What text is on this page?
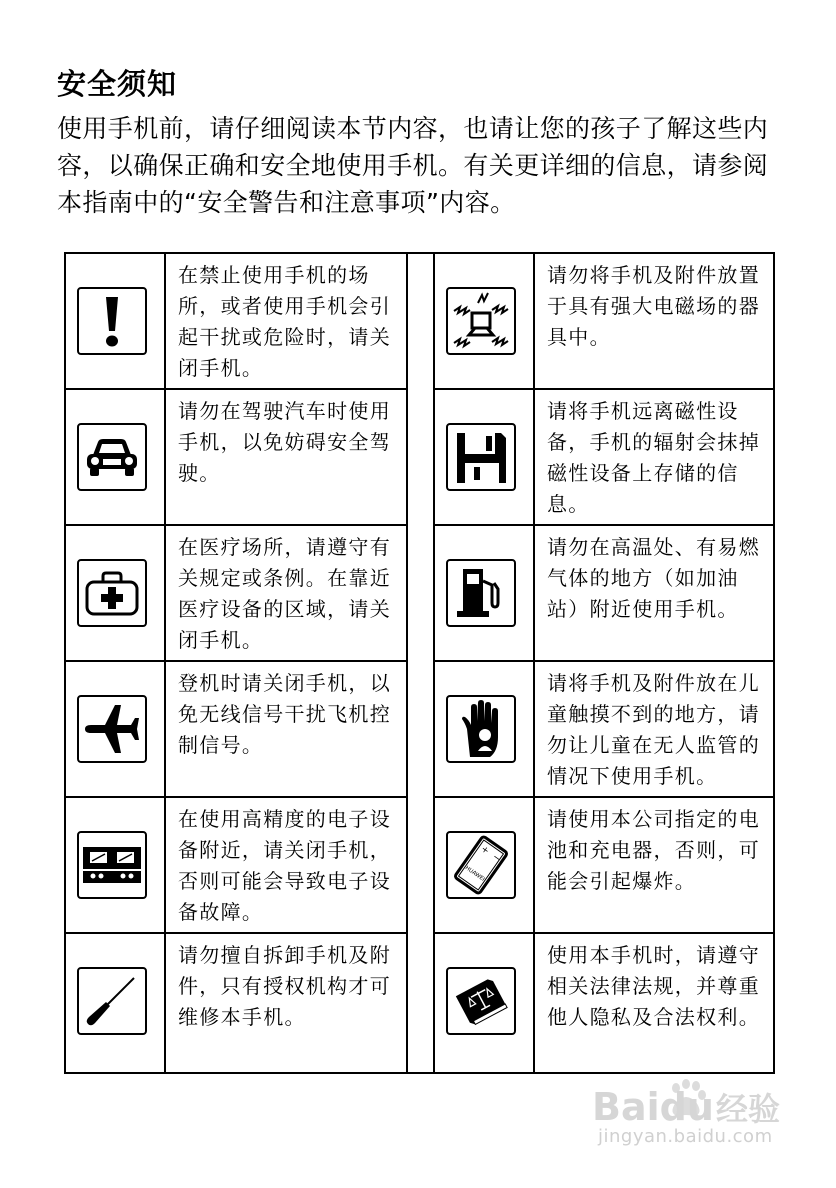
安全须知

使用手机前，请仔细阅读本节内容，也请让您的孩子了解这些内容，以确保正确和安全地使用手机。有关更详细的信息，请参阅本指南中的“安全警告和注意事项”内容。

在禁止使用手机的场所，或者使用手机会引起干扰或危险时，请关闭手机。

请勿在驾驶汽车时使用手机，以免妨碍安全驾驶。

在医疗场所，请遵守有关规定或条例。在靠近医疗设备的区域，请关闭手机。

登机时请关闭手机，以免无线信号干扰飞机控制信号。

在使用高精度的电子设备附近，请关闭手机，否则可能会导致电子设备故障。

请勿擅自拆卸手机及附件，只有授权机构才可维修本手机。

请勿将手机及附件放置于具有强大电磁场的器具中。

请将手机远离磁性设备，手机的辐射会抹掉磁性设备上存储的信息。

请勿在高温处、有易燃气体的地方（如加油站）附近使用手机。

请将手机及附件放在儿童触摸不到的地方，请勿让儿童在无人监管的情况下使用手机。

+
−
HUAWEI

请使用本公司指定的电池和充电器，否则，可能会引起爆炸。

使用本手机时，请遵守相关法律法规，并尊重他人隐私及合法权利。

Baidu 经验
jingyan.baidu.com
